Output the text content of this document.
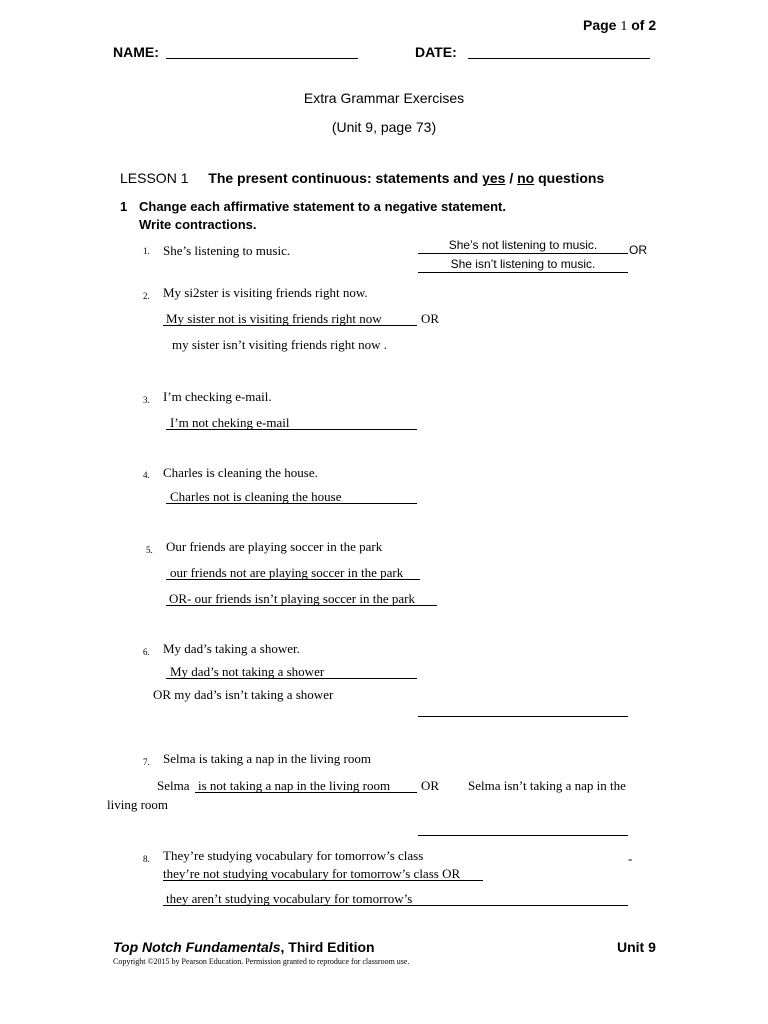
Page 1 of 2
NAME:	DATE:
Extra Grammar Exercises
(Unit 9, page 73)
LESSON 1 The present continuous: statements and yes / no questions
1 Change each affirmative statement to a negative statement.
Write contractions.
1. She’s listening to music.	She’s not listening to music.	OR
She isn’t listening to music.
2. My si2ster is visiting friends right now.
My sister not is visiting friends right now	OR
my sister isn’t visiting friends right now .
3. I’m checking e-mail.
I’m not cheking e-mail
4. Charles is cleaning the house.
Charles not is cleaning the house
5. Our friends are playing soccer in the park
our friends not are playing soccer in the park
OR- our friends isn’t playing soccer in the park
6. My dad’s taking a shower.
My dad’s not taking a shower
OR my dad’s isn’t taking a shower
7. Selma is taking a nap in the living room
Selma is not taking a nap in the living room OR Selma isn’t taking a nap in the
living room
8. They’re studying vocabulary for tomorrow’s class	-
they’re not studying vocabulary for tomorrow’s class OR
they aren’t studying vocabulary for tomorrow’s
Top Notch Fundamentals, Third Edition	Unit 9
Copyright ©2015 by Pearson Education. Permission granted to reproduce for classroom use.
